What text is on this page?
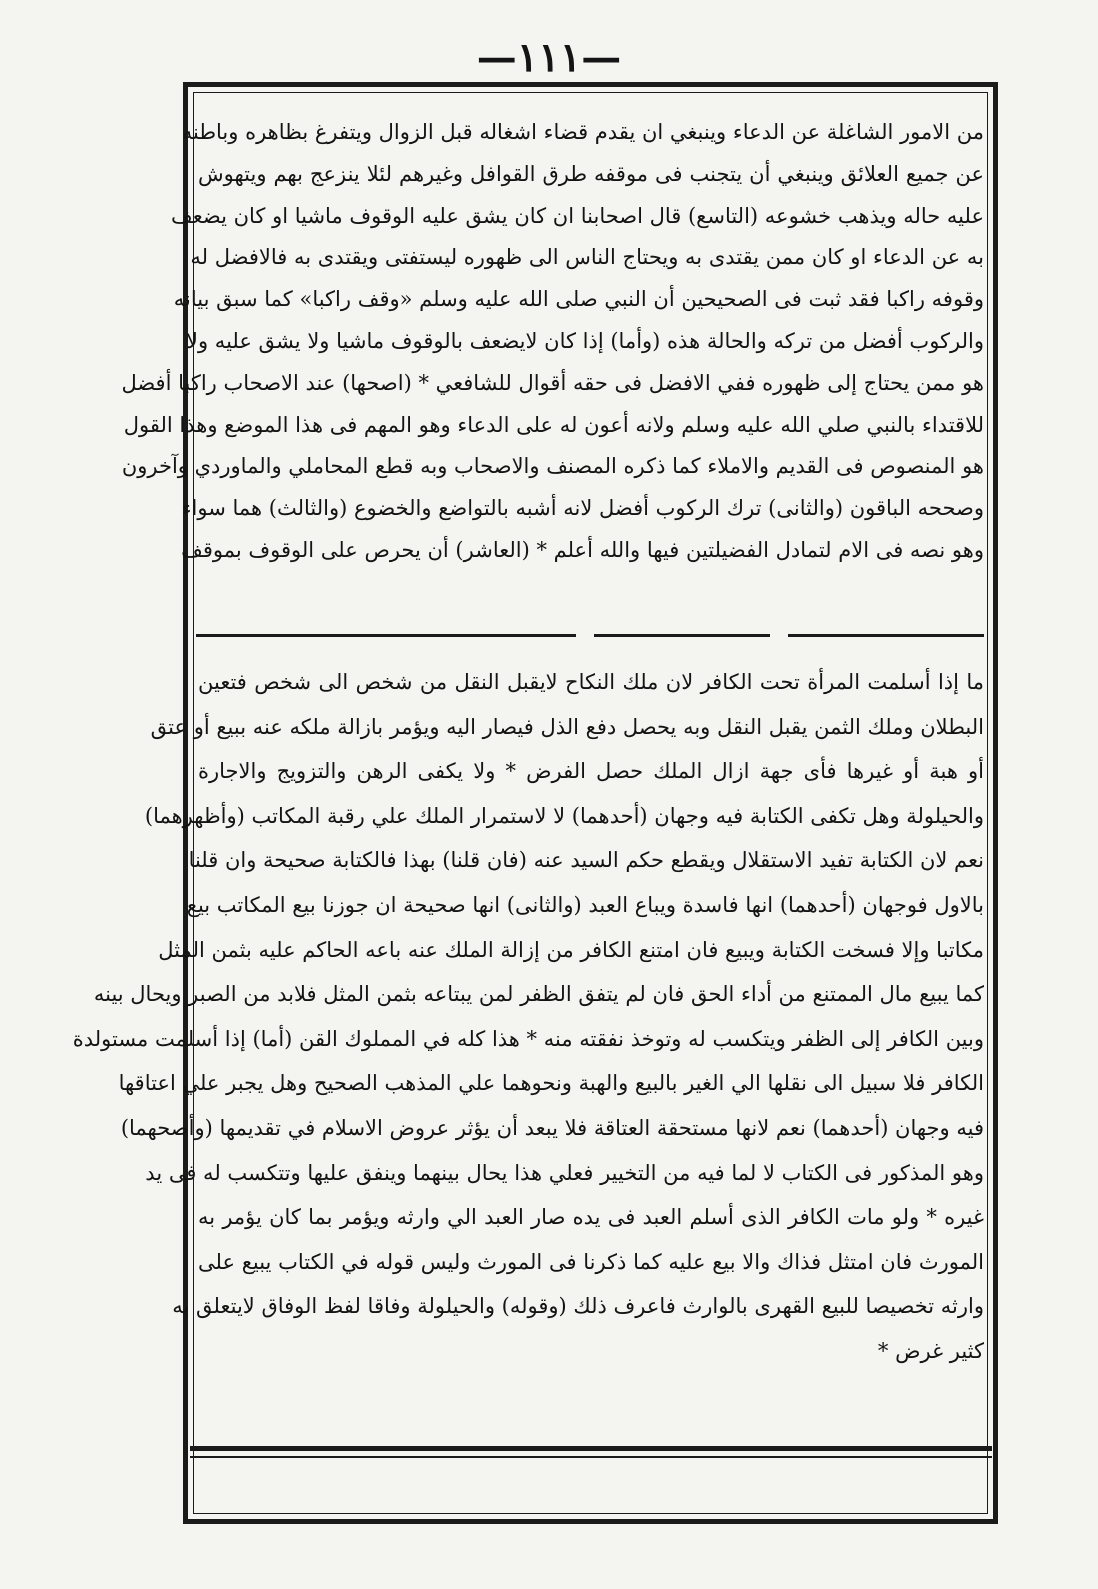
—١١١—
من الامور الشاغلة عن الدعاء وينبغي ان يقدم قضاء اشغاله قبل الزوال ويتفرغ بظاهره وباطنه
عن جميع العلائق وينبغي أن يتجنب فى موقفه طرق القوافل وغيرهم لئلا ينزعج بهم ويتهوش
عليه حاله ويذهب خشوعه (التاسع) قال اصحابنا ان كان يشق عليه الوقوف ماشيا او كان يضعف
به عن الدعاء او كان ممن يقتدى به ويحتاج الناس الى ظهوره ليستفتى ويقتدى به فالافضل له
وقوفه راكبا فقد ثبت فى الصحيحين أن النبي صلى الله عليه وسلم «وقف راكبا» كما سبق بيانه
والركوب أفضل من تركه والحالة هذه (وأما) إذا كان لايضعف بالوقوف ماشيا ولا يشق عليه ولا
هو ممن يحتاج إلى ظهوره ففي الافضل فى حقه أقوال للشافعي * (اصحها) عند الاصحاب راكبا أفضل
للاقتداء بالنبي صلي الله عليه وسلم ولانه أعون له على الدعاء وهو المهم فى هذا الموضع وهذا القول
هو المنصوص فى القديم والاملاء كما ذكره المصنف والاصحاب وبه قطع المحاملي والماوردي وآخرون
وصححه الباقون (والثانى) ترك الركوب أفضل لانه أشبه بالتواضع والخضوع (والثالث) هما سواء
وهو نصه فى الام لتمادل الفضيلتين فيها والله أعلم * (العاشر) أن يحرص على الوقوف بموقف
ما إذا أسلمت المرأة تحت الكافر لان ملك النكاح لايقبل النقل من شخص الى شخص فتعين
البطلان وملك الثمن يقبل النقل وبه يحصل دفع الذل فيصار اليه ويؤمر بازالة ملكه عنه ببيع أو عتق
أو هبة أو غيرها فأى جهة ازال الملك حصل الفرض * ولا يكفى الرهن والتزويج والاجارة
والحيلولة وهل تكفى الكتابة فيه وجهان (أحدهما) لا لاستمرار الملك علي رقبة المكاتب (وأظهرهما)
نعم لان الكتابة تفيد الاستقلال ويقطع حكم السيد عنه (فان قلنا) بهذا فالكتابة صحيحة وان قلنا
بالاول فوجهان (أحدهما) انها فاسدة ويباع العبد (والثانى) انها صحيحة ان جوزنا بيع المكاتب بيع
مكاتبا وإلا فسخت الكتابة ويبيع فان امتنع الكافر من إزالة الملك عنه باعه الحاكم عليه بثمن المثل
كما يبيع مال الممتنع من أداء الحق فان لم يتفق الظفر لمن يبتاعه بثمن المثل فلابد من الصبر ويحال بينه
وبين الكافر إلى الظفر ويتكسب له وتوخذ نفقته منه * هذا كله في المملوك القن (أما) إذا أسلمت مستولدة
الكافر فلا سبيل الى نقلها الي الغير بالبيع والهبة ونحوهما علي المذهب الصحيح وهل يجبر علي اعتاقها
فيه وجهان (أحدهما) نعم لانها مستحقة العتاقة فلا يبعد أن يؤثر عروض الاسلام في تقديمها (وأصحهما)
وهو المذكور فى الكتاب لا لما فيه من التخيير فعلي هذا يحال بينهما وينفق عليها وتتكسب له فى يد
غيره * ولو مات الكافر الذى أسلم العبد فى يده صار العبد الي وارثه ويؤمر بما كان يؤمر به
المورث فان امتثل فذاك والا بيع عليه كما ذكرنا فى المورث وليس قوله في الكتاب يبيع على
وارثه تخصيصا للبيع القهرى بالوارث فاعرف ذلك (وقوله) والحيلولة وفاقا لفظ الوفاق لايتعلق به
كثير غرض *
